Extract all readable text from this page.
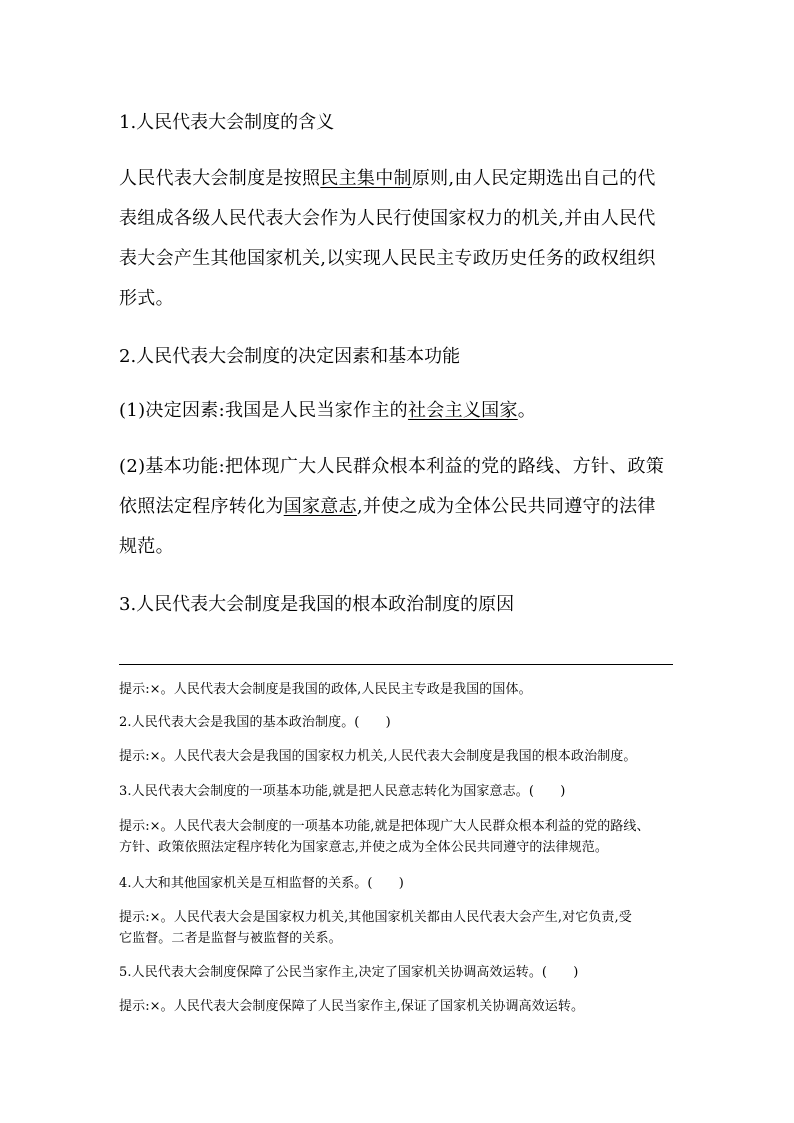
1.人民代表大会制度的含义
人民代表大会制度是按照民主集中制原则,由人民定期选出自己的代
表组成各级人民代表大会作为人民行使国家权力的机关,并由人民代
表大会产生其他国家机关,以实现人民民主专政历史任务的政权组织
形式。
2.人民代表大会制度的决定因素和基本功能
(1)决定因素:我国是人民当家作主的社会主义国家。
(2)基本功能:把体现广大人民群众根本利益的党的路线、方针、政策
依照法定程序转化为国家意志,并使之成为全体公民共同遵守的法律
规范。
3.人民代表大会制度是我国的根本政治制度的原因
提示:×。人民代表大会制度是我国的政体,人民民主专政是我国的国体。
2.人民代表大会是我国的基本政治制度。(　　)
提示:×。人民代表大会是我国的国家权力机关,人民代表大会制度是我国的根本政治制度。
3.人民代表大会制度的一项基本功能,就是把人民意志转化为国家意志。(　　)
提示:×。人民代表大会制度的一项基本功能,就是把体现广大人民群众根本利益的党的路线、
方针、政策依照法定程序转化为国家意志,并使之成为全体公民共同遵守的法律规范。
4.人大和其他国家机关是互相监督的关系。(　　)
提示:×。人民代表大会是国家权力机关,其他国家机关都由人民代表大会产生,对它负责,受
它监督。二者是监督与被监督的关系。
5.人民代表大会制度保障了公民当家作主,决定了国家机关协调高效运转。(　　)
提示:×。人民代表大会制度保障了人民当家作主,保证了国家机关协调高效运转。
